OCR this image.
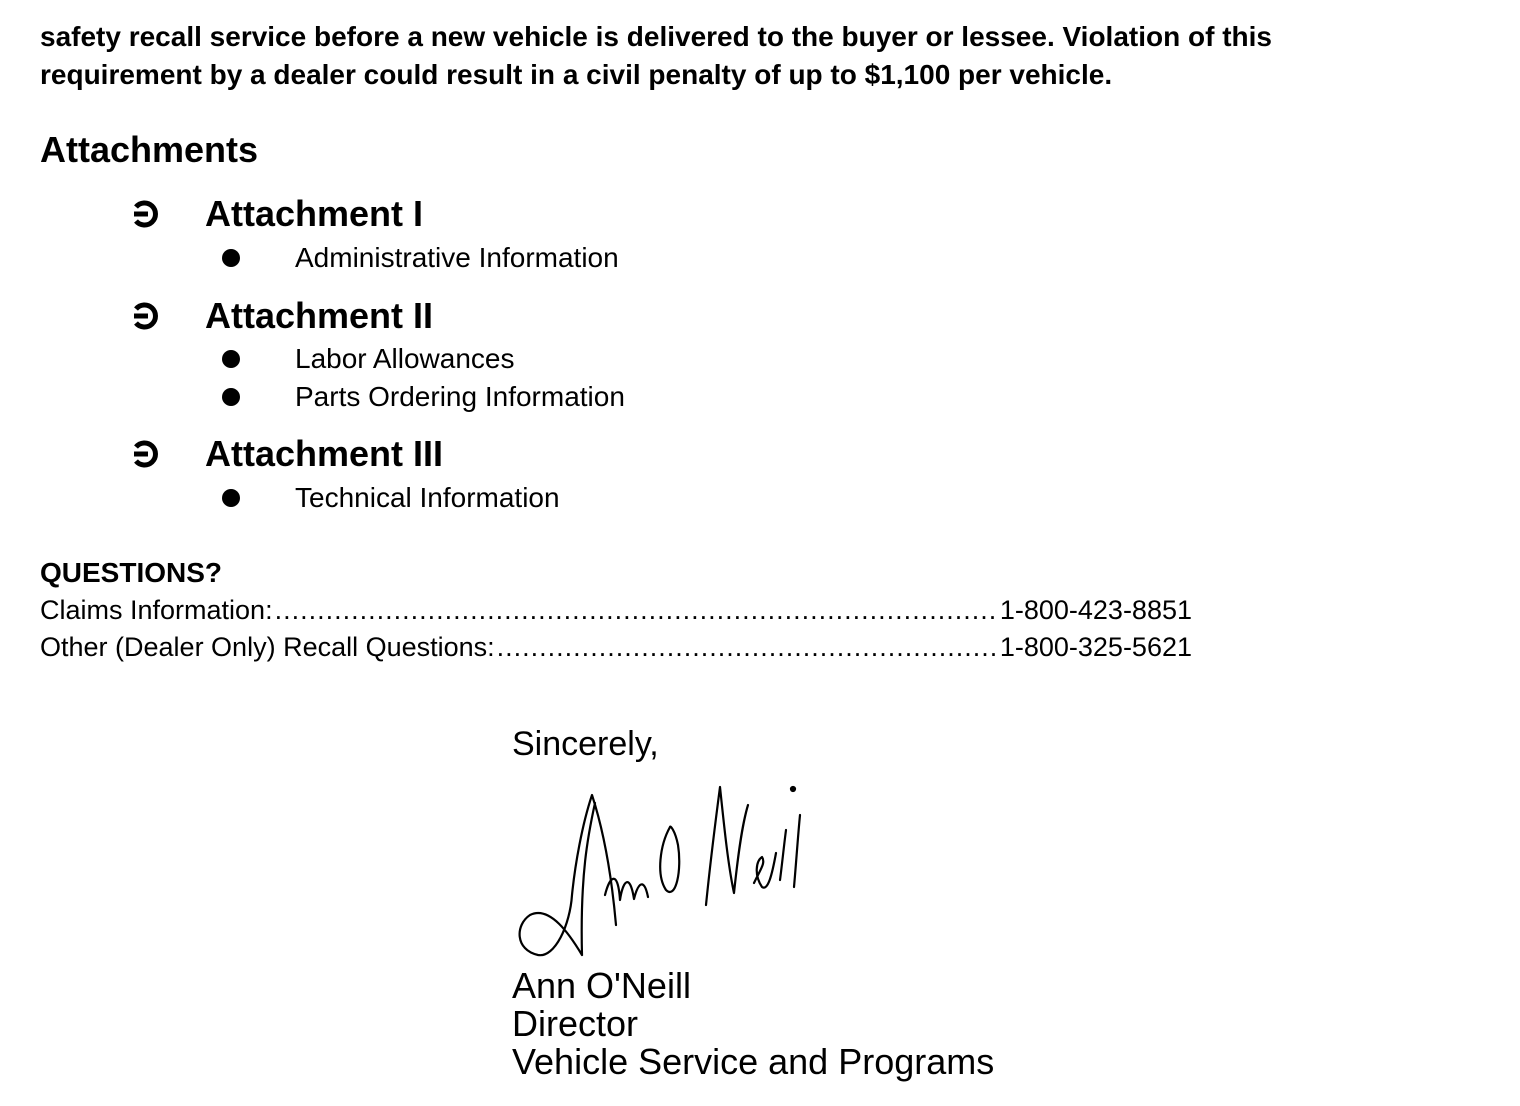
safety recall service before a new vehicle is delivered to the buyer or lessee. Violation of this
requirement by a dealer could result in a civil penalty of up to $1,100 per vehicle.

Attachments
Attachment I
Administrative Information
Attachment II
Labor Allowances
Parts Ordering Information
Attachment III
Technical Information
QUESTIONS?
Claims Information: .....	1-800-423-8851
Other (Dealer Only) Recall Questions: .....	1-800-325-5621
Sincerely,
Ann O'Neill
Director
Vehicle Service and Programs
